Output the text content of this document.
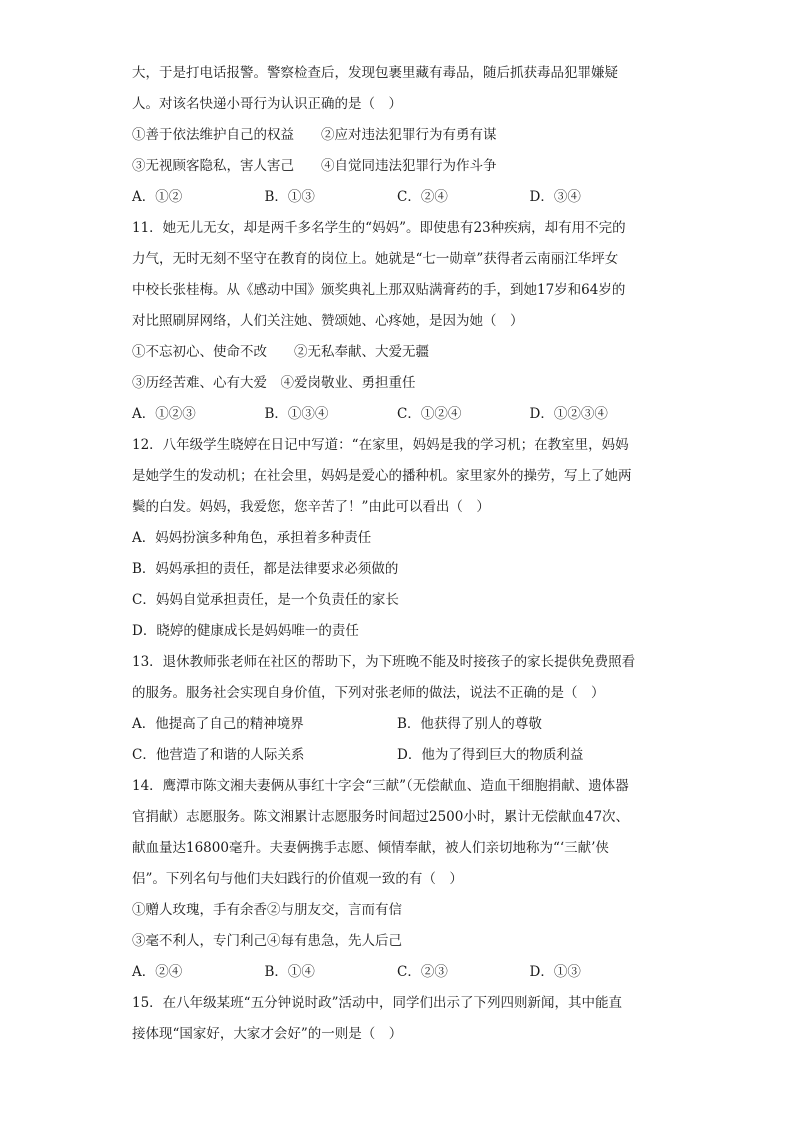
大，于是打电话报警。警察检查后，发现包裹里藏有毒品，随后抓获毒品犯罪嫌疑
人。对该名快递小哥行为认识正确的是（　）
①善于依法维护自己的权益　　②应对违法犯罪行为有勇有谋
③无视顾客隐私，害人害己　　④自觉同违法犯罪行为作斗争
A．①②	B．①③	C．②④	D．③④
11．她无儿无女，却是两千多名学生的“妈妈”。即使患有23种疾病，却有用不完的
力气，无时无刻不坚守在教育的岗位上。她就是“七一勋章”获得者云南丽江华坪女
中校长张桂梅。从《感动中国》颁奖典礼上那双贴满膏药的手，到她17岁和64岁的
对比照刷屏网络，人们关注她、赞颂她、心疼她，是因为她（　）
①不忘初心、使命不改　　②无私奉献、大爱无疆
③历经苦难、心有大爱　④爱岗敬业、勇担重任
A．①②③	B．①③④	C．①②④	D．①②③④
12．八年级学生晓婷在日记中写道：“在家里，妈妈是我的学习机；在教室里，妈妈
是她学生的发动机；在社会里，妈妈是爱心的播种机。家里家外的操劳，写上了她两
鬓的白发。妈妈，我爱您，您辛苦了！”由此可以看出（　）
A．妈妈扮演多种角色，承担着多种责任
B．妈妈承担的责任，都是法律要求必须做的
C．妈妈自觉承担责任，是一个负责任的家长
D．晓婷的健康成长是妈妈唯一的责任
13．退休教师张老师在社区的帮助下，为下班晚不能及时接孩子的家长提供免费照看
的服务。服务社会实现自身价值，下列对张老师的做法，说法不正确的是（　）
A．他提高了自己的精神境界	B．他获得了别人的尊敬
C．他营造了和谐的人际关系	D．他为了得到巨大的物质利益
14．鹰潭市陈文湘夫妻俩从事红十字会“三献”（无偿献血、造血干细胞捐献、遗体器
官捐献）志愿服务。陈文湘累计志愿服务时间超过2500小时，累计无偿献血47次、
献血量达16800毫升。夫妻俩携手志愿、倾情奉献，被人们亲切地称为“‘三献’侠
侣”。下列名句与他们夫妇践行的价值观一致的有（　）
①赠人玫瑰，手有余香②与朋友交，言而有信
③毫不利人，专门利己④每有患急，先人后己
A．②④	B．①④	C．②③	D．①③
15．在八年级某班“五分钟说时政”活动中，同学们出示了下列四则新闻，其中能直
接体现“国家好，大家才会好”的一则是（　）
